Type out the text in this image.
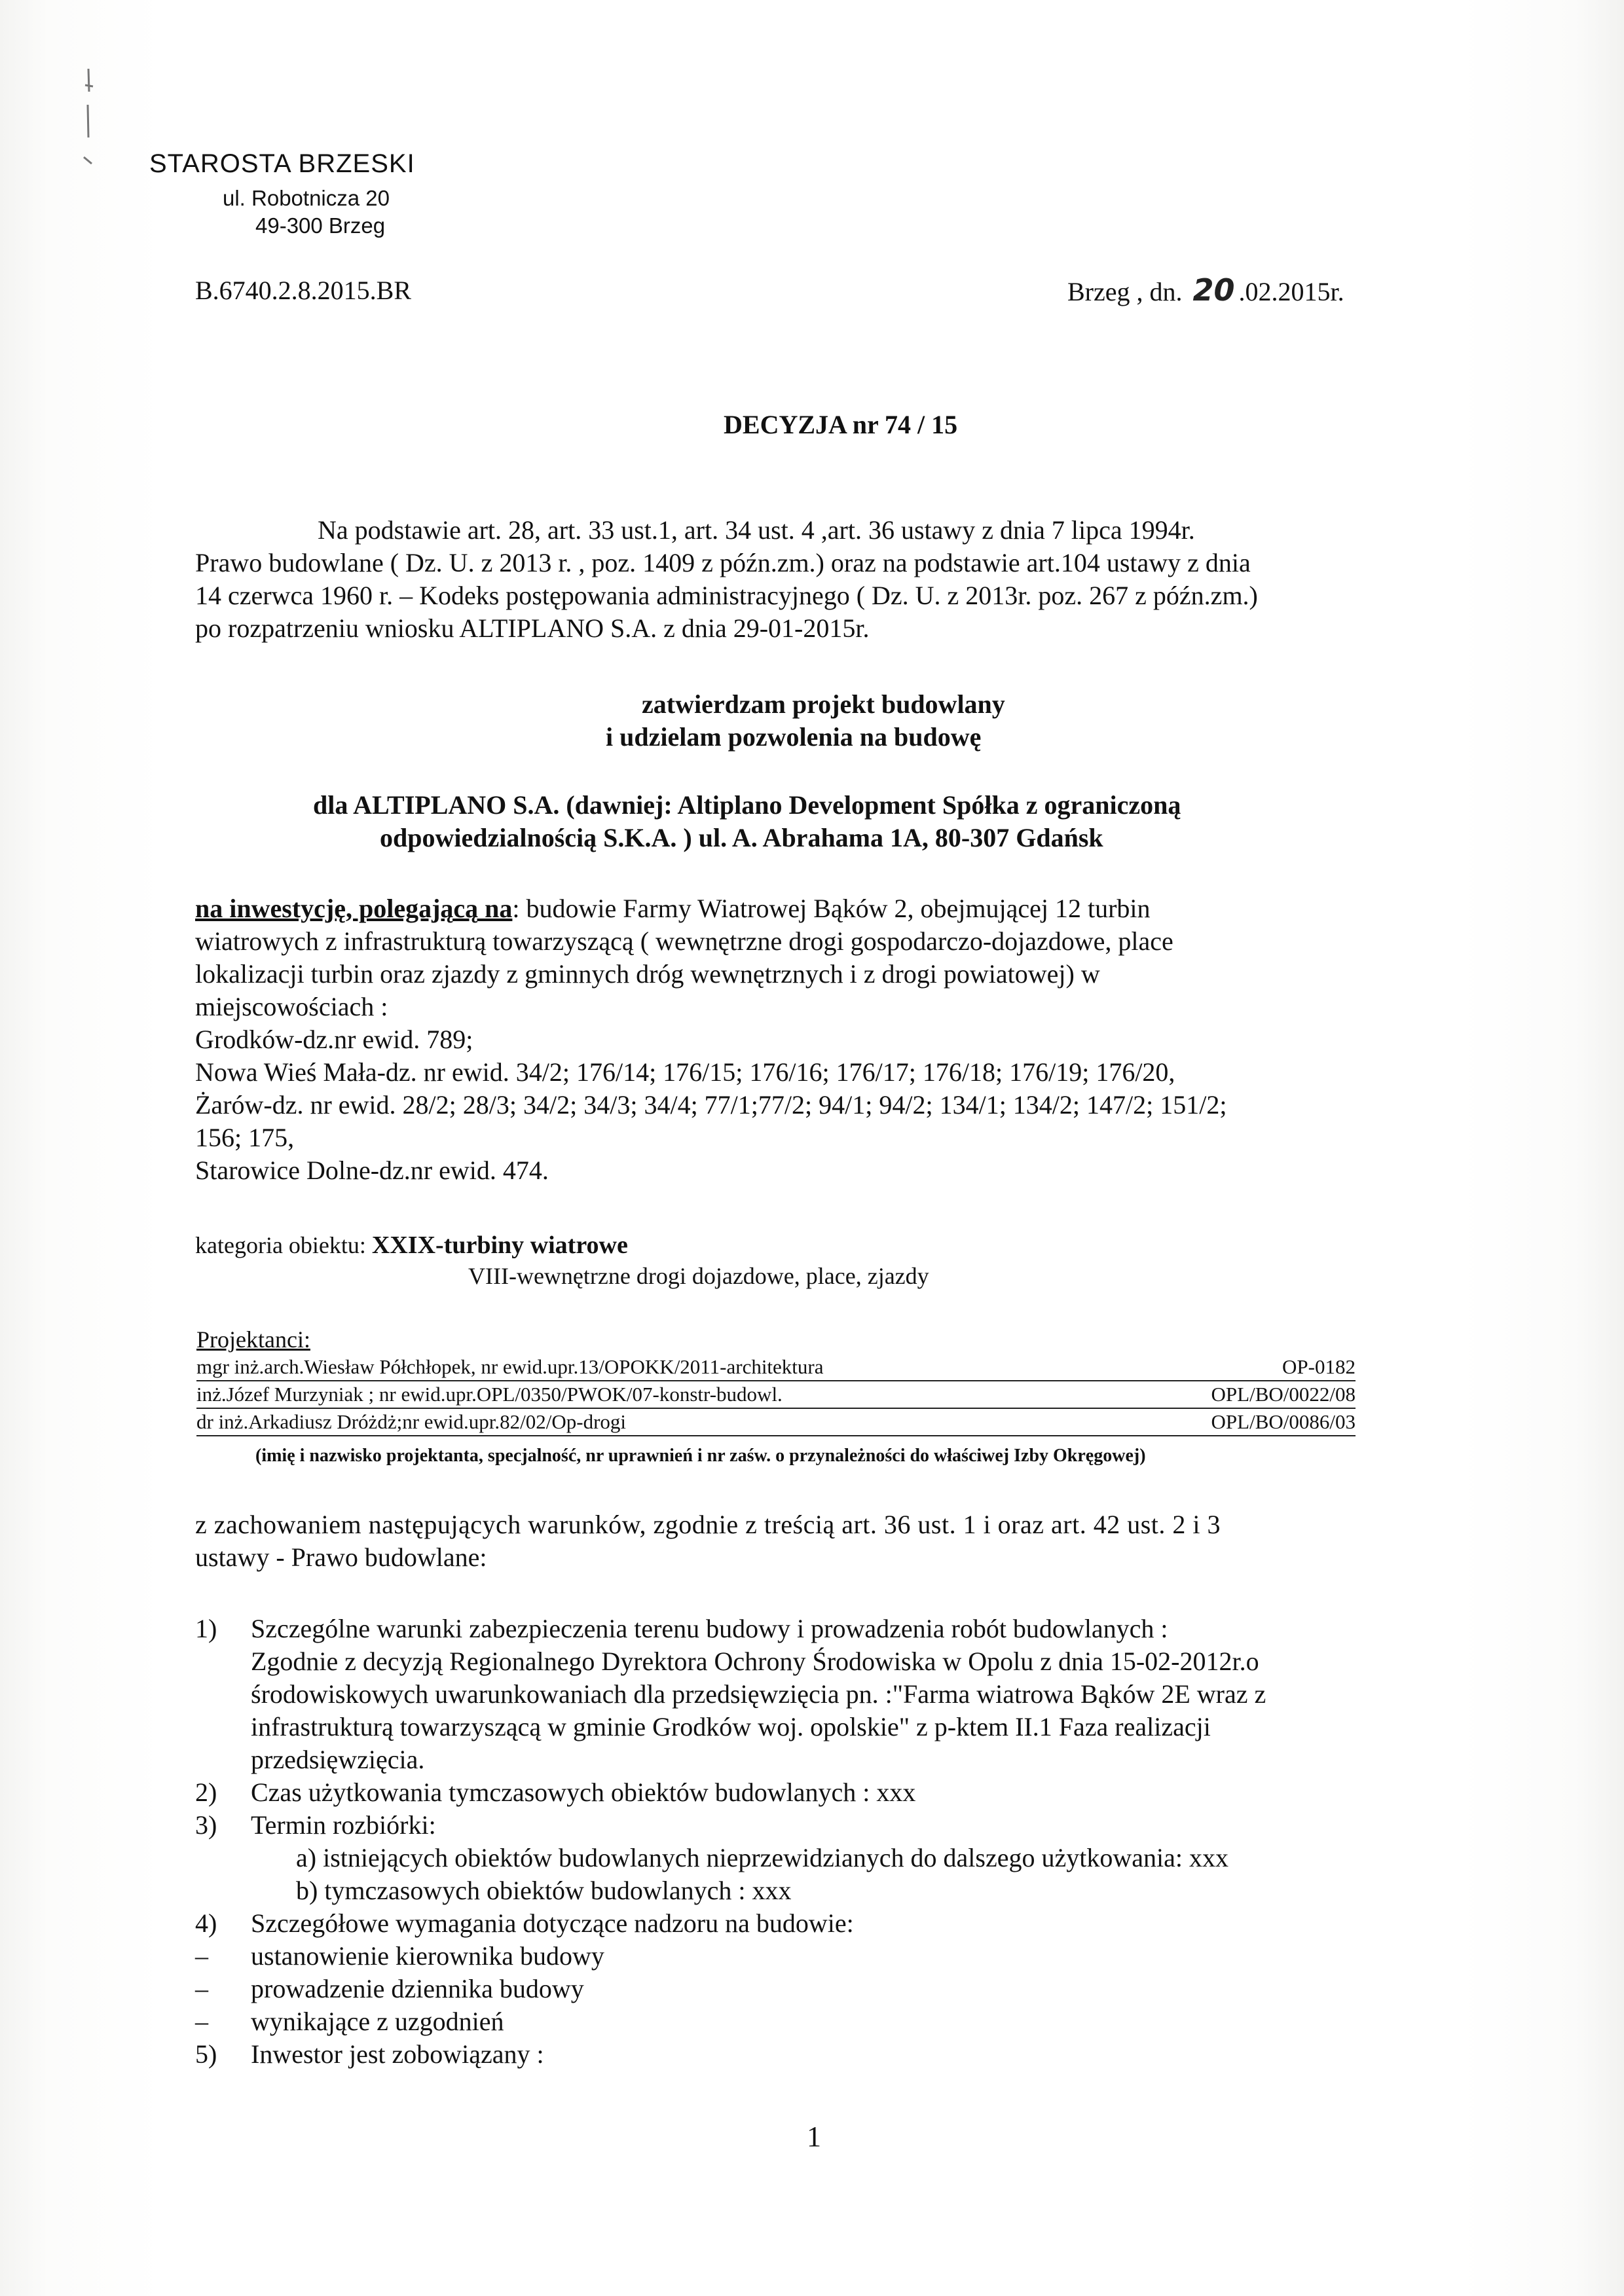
STAROSTA BRZESKI
ul. Robotnicza 20
49-300 Brzeg
B.6740.2.8.2015.BR	Brzeg , dn. 20 .02.2015r.
DECYZJA nr 74 / 15
Na podstawie art. 28, art. 33 ust.1, art. 34 ust. 4 ,art. 36 ustawy z dnia 7 lipca 1994r.
Prawo budowlane ( Dz. U. z 2013 r. , poz. 1409 z późn.zm.) oraz na podstawie art.104 ustawy z dnia
14 czerwca 1960 r. – Kodeks postępowania administracyjnego ( Dz. U. z 2013r. poz. 267 z późn.zm.)
po rozpatrzeniu wniosku ALTIPLANO S.A. z dnia 29-01-2015r.
zatwierdzam projekt budowlany
i udzielam pozwolenia na budowę
dla ALTIPLANO S.A. (dawniej: Altiplano Development Spółka z ograniczoną
odpowiedzialnością S.K.A. ) ul. A. Abrahama 1A, 80-307 Gdańsk
na inwestycję, polegającą na: budowie Farmy Wiatrowej Bąków 2, obejmującej 12 turbin
wiatrowych z infrastrukturą towarzyszącą ( wewnętrzne drogi gospodarczo-dojazdowe, place
lokalizacji turbin oraz zjazdy z gminnych dróg wewnętrznych i z drogi powiatowej) w
miejscowościach :
Grodków-dz.nr ewid. 789;
Nowa Wieś Mała-dz. nr ewid. 34/2; 176/14; 176/15; 176/16; 176/17; 176/18; 176/19; 176/20,
Żarów-dz. nr ewid. 28/2; 28/3; 34/2; 34/3; 34/4; 77/1;77/2; 94/1; 94/2; 134/1; 134/2; 147/2; 151/2;
156; 175,
Starowice Dolne-dz.nr ewid. 474.
kategoria obiektu: XXIX-turbiny wiatrowe
VIII-wewnętrzne drogi dojazdowe, place, zjazdy
Projektanci:
mgr inż.arch.Wiesław Półchłopek, nr ewid.upr.13/OPOKK/2011-architektura	OP-0182
inż.Józef Murzyniak ; nr ewid.upr.OPL/0350/PWOK/07-konstr-budowl.	OPL/BO/0022/08
dr inż.Arkadiusz Dróżdż;nr ewid.upr.82/02/Op-drogi	OPL/BO/0086/03
(imię i nazwisko projektanta, specjalność, nr uprawnień i nr zaśw. o przynależności do właściwej Izby Okręgowej)
z zachowaniem następujących warunków, zgodnie z treścią art. 36 ust. 1 i oraz art. 42 ust. 2 i 3
ustawy - Prawo budowlane:
1) Szczególne warunki zabezpieczenia terenu budowy i prowadzenia robót budowlanych :
Zgodnie z decyzją Regionalnego Dyrektora Ochrony Środowiska w Opolu z dnia 15-02-2012r.o
środowiskowych uwarunkowaniach dla przedsięwzięcia pn. :"Farma wiatrowa Bąków 2E wraz z
infrastrukturą towarzyszącą w gminie Grodków woj. opolskie" z p-ktem II.1 Faza realizacji
przedsięwzięcia.
2) Czas użytkowania tymczasowych obiektów budowlanych : xxx
3) Termin rozbiórki:
a) istniejących obiektów budowlanych nieprzewidzianych do dalszego użytkowania: xxx
b) tymczasowych obiektów budowlanych : xxx
4) Szczegółowe wymagania dotyczące nadzoru na budowie:
– ustanowienie kierownika budowy
– prowadzenie dziennika budowy
– wynikające z uzgodnień
5) Inwestor jest zobowiązany :
1
